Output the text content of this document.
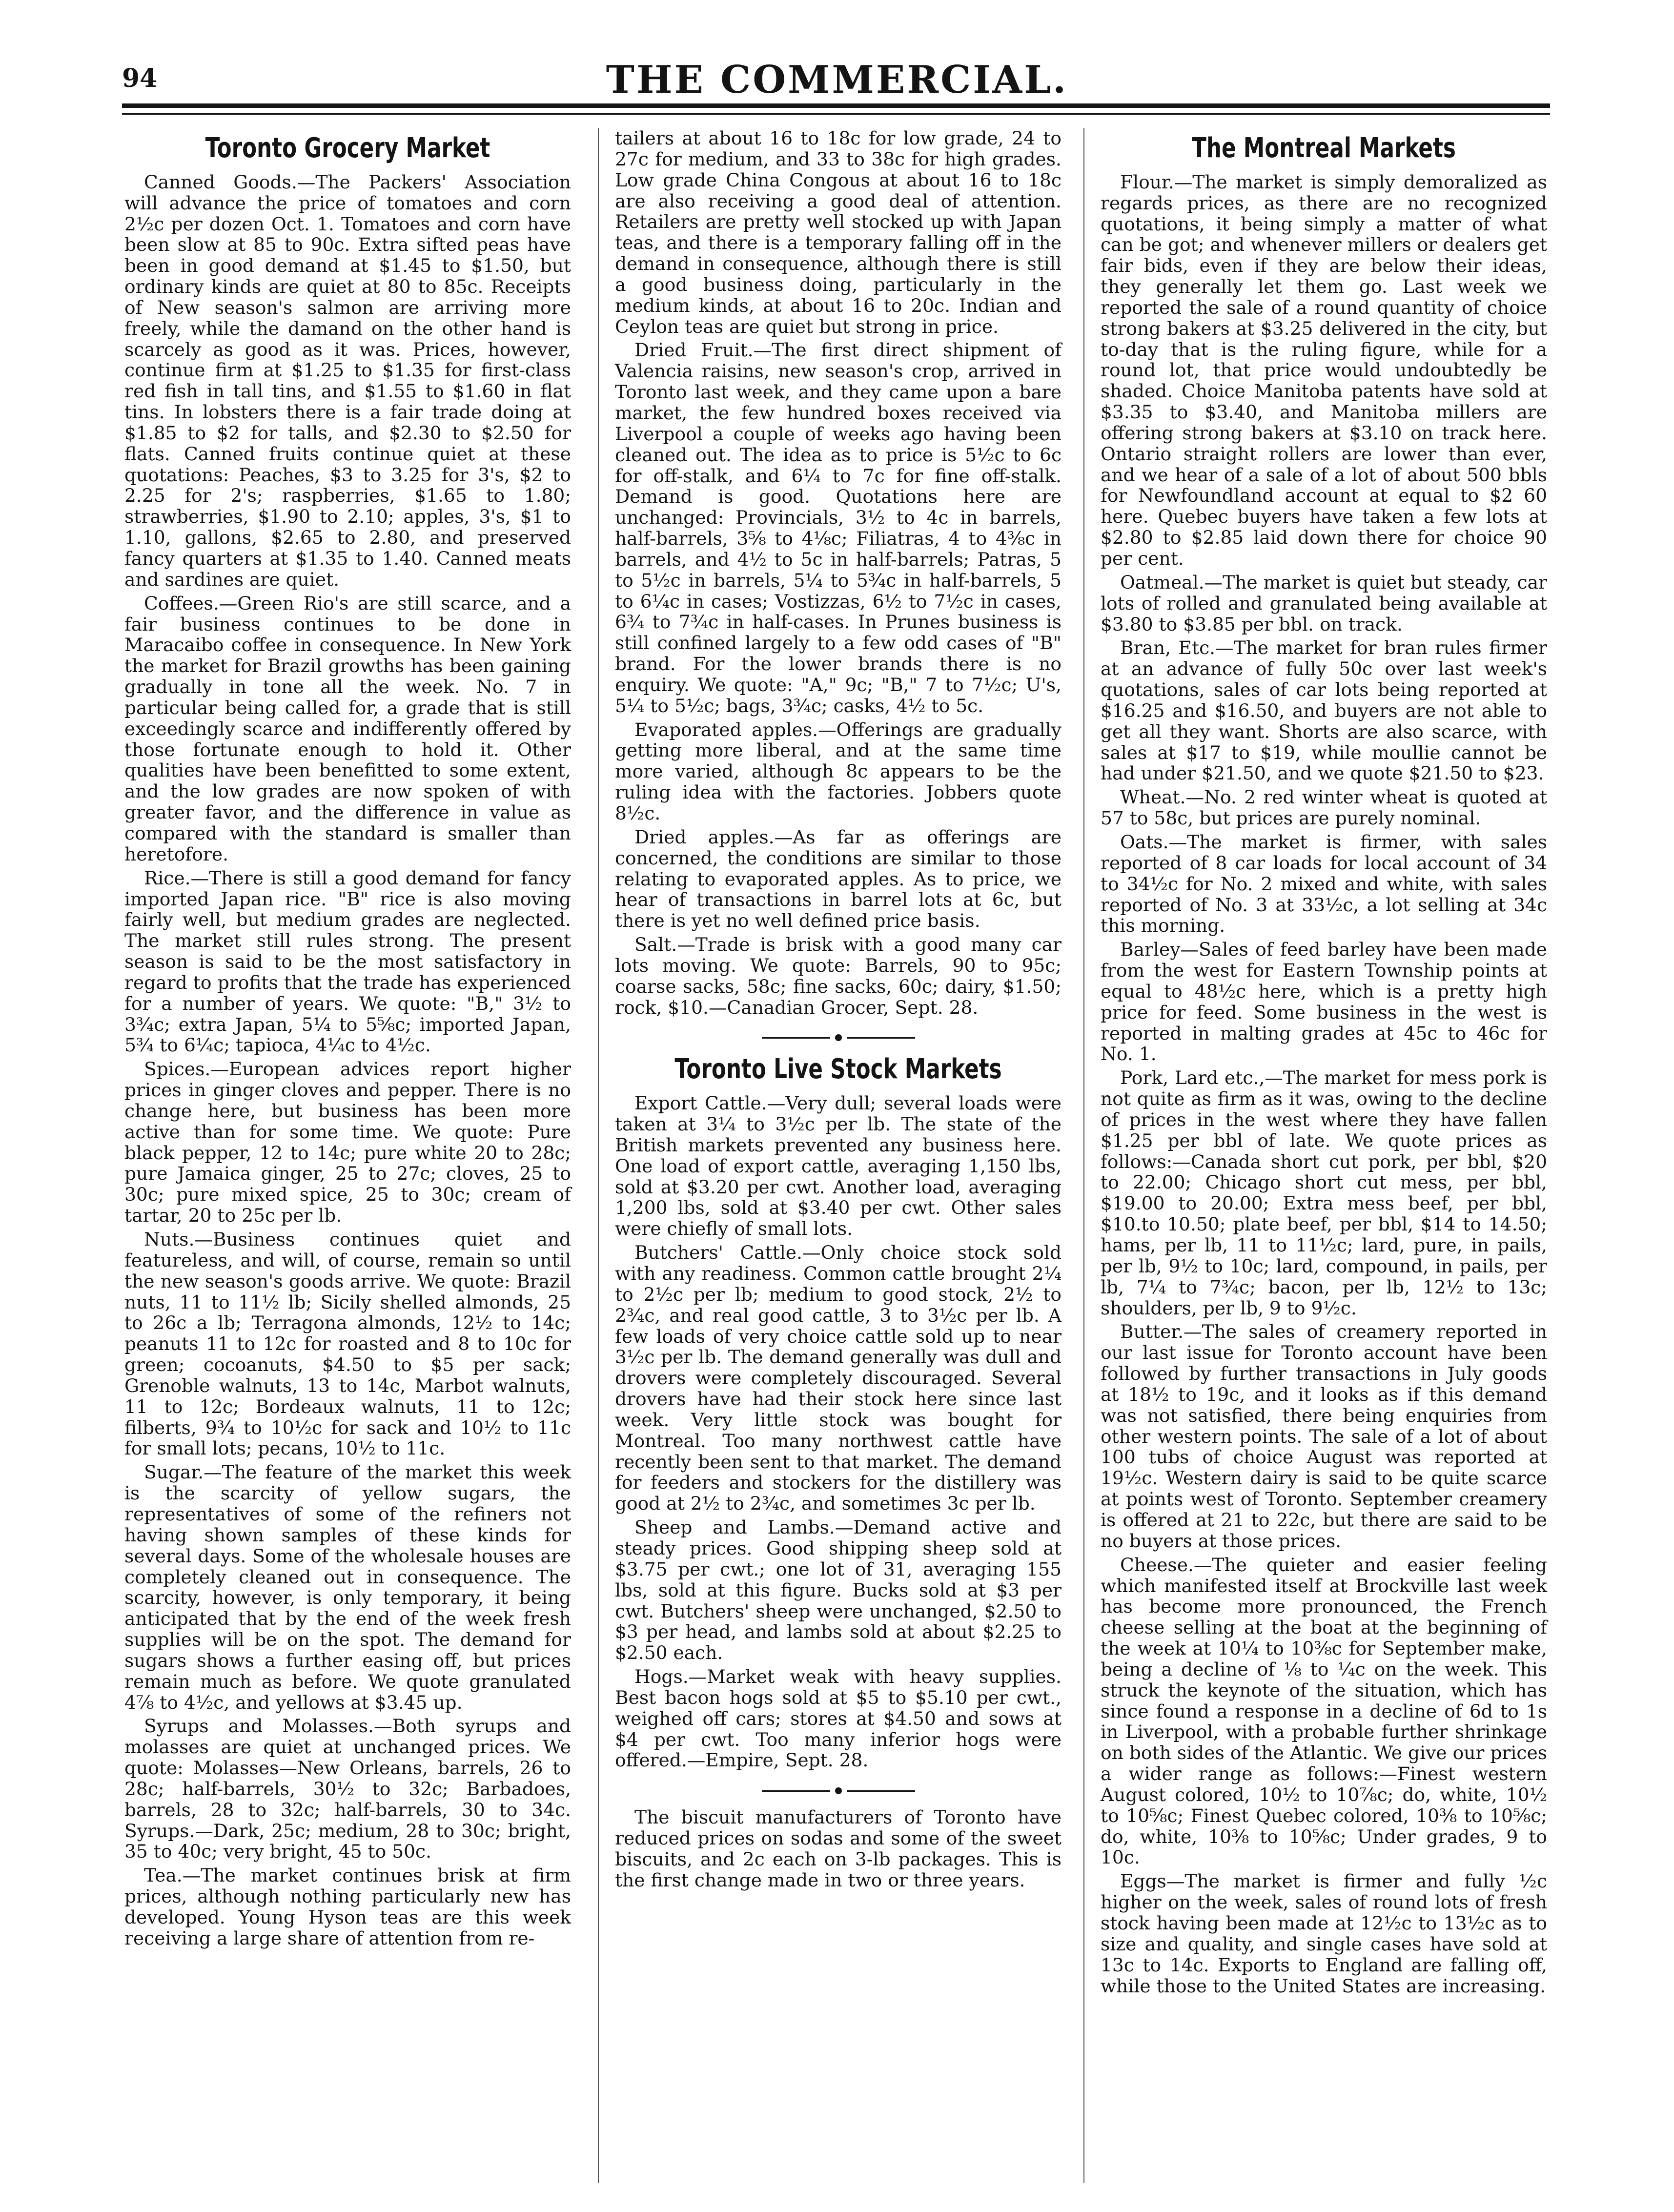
94	THE COMMERCIAL.
Toronto Grocery Market

Canned Goods.—The Packers' Association will advance the price of tomatoes and corn 2½c per dozen Oct. 1. Tomatoes and corn have been slow at 85 to 90c. Extra sifted peas have been in good demand at $1.45 to $1.50, but ordinary kinds are quiet at 80 to 85c. Receipts of New season's salmon are arriving more freely, while the damand on the other hand is scarcely as good as it was. Prices, however, continue firm at $1.25 to $1.35 for first-class red fish in tall tins, and $1.55 to $1.60 in flat tins. In lobsters there is a fair trade doing at $1.85 to $2 for talls, and $2.30 to $2.50 for flats. Canned fruits continue quiet at these quotations: Peaches, $3 to 3.25 for 3's, $2 to 2.25 for 2's; raspberries, $1.65 to 1.80; strawberries, $1.90 to 2.10; apples, 3's, $1 to 1.10, gallons, $2.65 to 2.80, and preserved fancy quarters at $1.35 to 1.40. Canned meats and sardines are quiet.

Coffees.—Green Rio's are still scarce, and a fair business continues to be done in Maracaibo coffee in consequence. In New York the market for Brazil growths has been gaining gradually in tone all the week. No. 7 in particular being called for, a grade that is still exceedingly scarce and indifferently offered by those fortunate enough to hold it. Other qualities have been benefitted to some extent, and the low grades are now spoken of with greater favor, and the difference in value as compared with the standard is smaller than heretofore.

Rice.—There is still a good demand for fancy imported Japan rice. "B" rice is also moving fairly well, but medium grades are neglected. The market still rules strong. The present season is said to be the most satisfactory in regard to profits that the trade has experienced for a number of years. We quote: "B," 3½ to 3¾c; extra Japan, 5¼ to 5⅝c; imported Japan, 5¾ to 6¼c; tapioca, 4¼c to 4½c.

Spices.—European advices report higher prices in ginger cloves and pepper. There is no change here, but business has been more active than for some time. We quote: Pure black pepper, 12 to 14c; pure white 20 to 28c; pure Jamaica ginger, 25 to 27c; cloves, 25 to 30c; pure mixed spice, 25 to 30c; cream of tartar, 20 to 25c per lb.

Nuts.—Business continues quiet and featureless, and will, of course, remain so until the new season's goods arrive. We quote: Brazil nuts, 11 to 11½ lb; Sicily shelled almonds, 25 to 26c a lb; Terragona almonds, 12½ to 14c; peanuts 11 to 12c for roasted and 8 to 10c for green; cocoanuts, $4.50 to $5 per sack; Grenoble walnuts, 13 to 14c, Marbot walnuts, 11 to 12c; Bordeaux walnuts, 11 to 12c; filberts, 9¾ to 10½c for sack and 10½ to 11c for small lots; pecans, 10½ to 11c.

Sugar.—The feature of the market this week is the scarcity of yellow sugars, the representatives of some of the refiners not having shown samples of these kinds for several days. Some of the wholesale houses are completely cleaned out in consequence. The scarcity, however, is only temporary, it being anticipated that by the end of the week fresh supplies will be on the spot. The demand for sugars shows a further easing off, but prices remain much as before. We quote granulated 4⅞ to 4½c, and yellows at $3.45 up.

Syrups and Molasses.—Both syrups and molasses are quiet at unchanged prices. We quote: Molasses—New Orleans, barrels, 26 to 28c; half-barrels, 30½ to 32c; Barbadoes, barrels, 28 to 32c; half-barrels, 30 to 34c. Syrups.—Dark, 25c; medium, 28 to 30c; bright, 35 to 40c; very bright, 45 to 50c.

Tea.—The market continues brisk at firm prices, although nothing particularly new has developed. Young Hyson teas are this week receiving a large share of attention from re-

tailers at about 16 to 18c for low grade, 24 to 27c for medium, and 33 to 38c for high grades. Low grade China Congous at about 16 to 18c are also receiving a good deal of attention. Retailers are pretty well stocked up with Japan teas, and there is a temporary falling off in the demand in consequence, although there is still a good business doing, particularly in the medium kinds, at about 16 to 20c. Indian and Ceylon teas are quiet but strong in price.

Dried Fruit.—The first direct shipment of Valencia raisins, new season's crop, arrived in Toronto last week, and they came upon a bare market, the few hundred boxes received via Liverpool a couple of weeks ago having been cleaned out. The idea as to price is 5½c to 6c for off-stalk, and 6¼ to 7c for fine off-stalk. Demand is good. Quotations here are unchanged: Provincials, 3½ to 4c in barrels, half-barrels, 3⅝ to 4⅛c; Filiatras, 4 to 4⅜c in barrels, and 4½ to 5c in half-barrels; Patras, 5 to 5½c in barrels, 5¼ to 5¾c in half-barrels, 5 to 6¼c in cases; Vostizzas, 6½ to 7½c in cases, 6¾ to 7¾c in half-cases. In Prunes business is still confined largely to a few odd cases of "B" brand. For the lower brands there is no enquiry. We quote: "A," 9c; "B," 7 to 7½c; U's, 5¼ to 5½c; bags, 3¾c; casks, 4½ to 5c.

Evaporated apples.—Offerings are gradually getting more liberal, and at the same time more varied, although 8c appears to be the ruling idea with the factories. Jobbers quote 8½c.

Dried apples.—As far as offerings are concerned, the conditions are similar to those relating to evaporated apples. As to price, we hear of transactions in barrel lots at 6c, but there is yet no well defined price basis.

Salt.—Trade is brisk with a good many car lots moving. We quote: Barrels, 90 to 95c; coarse sacks, 58c; fine sacks, 60c; dairy, $1.50; rock, $10.—Canadian Grocer, Sept. 28.

Toronto Live Stock Markets

Export Cattle.—Very dull; several loads were taken at 3¼ to 3½c per lb. The state of the British markets prevented any business here. One load of export cattle, averaging 1,150 lbs, sold at $3.20 per cwt. Another load, averaging 1,200 lbs, sold at $3.40 per cwt. Other sales were chiefly of small lots.

Butchers' Cattle.—Only choice stock sold with any readiness. Common cattle brought 2¼ to 2½c per lb; medium to good stock, 2½ to 2¾c, and real good cattle, 3 to 3½c per lb. A few loads of very choice cattle sold up to near 3½c per lb. The demand generally was dull and drovers were completely discouraged. Several drovers have had their stock here since last week. Very little stock was bought for Montreal. Too many northwest cattle have recently been sent to that market. The demand for feeders and stockers for the distillery was good at 2½ to 2¾c, and sometimes 3c per lb.

Sheep and Lambs.—Demand active and steady prices. Good shipping sheep sold at $3.75 per cwt.; one lot of 31, averaging 155 lbs, sold at this figure. Bucks sold at $3 per cwt. Butchers' sheep were unchanged, $2.50 to $3 per head, and lambs sold at about $2.25 to $2.50 each.

Hogs.—Market weak with heavy supplies. Best bacon hogs sold at $5 to $5.10 per cwt., weighed off cars; stores at $4.50 and sows at $4 per cwt. Too many inferior hogs were offered.—Empire, Sept. 28.

The biscuit manufacturers of Toronto have reduced prices on sodas and some of the sweet biscuits, and 2c each on 3-lb packages. This is the first change made in two or three years.

The Montreal Markets

Flour.—The market is simply demoralized as regards prices, as there are no recognized quotations, it being simply a matter of what can be got; and whenever millers or dealers get fair bids, even if they are below their ideas, they generally let them go. Last week we reported the sale of a round quantity of choice strong bakers at $3.25 delivered in the city, but to-day that is the ruling figure, while for a round lot, that price would undoubtedly be shaded. Choice Manitoba patents have sold at $3.35 to $3.40, and Manitoba millers are offering strong bakers at $3.10 on track here. Ontario straight rollers are lower than ever, and we hear of a sale of a lot of about 500 bbls for Newfoundland account at equal to $2 60 here. Quebec buyers have taken a few lots at $2.80 to $2.85 laid down there for choice 90 per cent.

Oatmeal.—The market is quiet but steady, car lots of rolled and granulated being available at $3.80 to $3.85 per bbl. on track.

Bran, Etc.—The market for bran rules firmer at an advance of fully 50c over last week's quotations, sales of car lots being reported at $16.25 and $16.50, and buyers are not able to get all they want. Shorts are also scarce, with sales at $17 to $19, while moullie cannot be had under $21.50, and we quote $21.50 to $23.

Wheat.—No. 2 red winter wheat is quoted at 57 to 58c, but prices are purely nominal.

Oats.—The market is firmer, with sales reported of 8 car loads for local account of 34 to 34½c for No. 2 mixed and white, with sales reported of No. 3 at 33½c, a lot selling at 34c this morning.

Barley—Sales of feed barley have been made from the west for Eastern Township points at equal to 48½c here, which is a pretty high price for feed. Some business in the west is reported in malting grades at 45c to 46c for No. 1.

Pork, Lard etc.,—The market for mess pork is not quite as firm as it was, owing to the decline of prices in the west where they have fallen $1.25 per bbl of late. We quote prices as follows:—Canada short cut pork, per bbl, $20 to 22.00; Chicago short cut mess, per bbl, $19.00 to 20.00; Extra mess beef, per bbl, $10.to 10.50; plate beef, per bbl, $14 to 14.50; hams, per lb, 11 to 11½c; lard, pure, in pails, per lb, 9½ to 10c; lard, compound, in pails, per lb, 7¼ to 7¾c; bacon, per lb, 12½ to 13c; shoulders, per lb, 9 to 9½c.

Butter.—The sales of creamery reported in our last issue for Toronto account have been followed by further transactions in July goods at 18½ to 19c, and it looks as if this demand was not satisfied, there being enquiries from other western points. The sale of a lot of about 100 tubs of choice August was reported at 19½c. Western dairy is said to be quite scarce at points west of Toronto. September creamery is offered at 21 to 22c, but there are said to be no buyers at those prices.

Cheese.—The quieter and easier feeling which manifested itself at Brockville last week has become more pronounced, the French cheese selling at the boat at the beginning of the week at 10¼ to 10⅜c for September make, being a decline of ⅛ to ¼c on the week. This struck the keynote of the situation, which has since found a response in a decline of 6d to 1s in Liverpool, with a probable further shrinkage on both sides of the Atlantic. We give our prices a wider range as follows:—Finest western August colored, 10½ to 10⅞c; do, white, 10½ to 10⅝c; Finest Quebec colored, 10⅜ to 10⅝c; do, white, 10⅜ to 10⅝c; Under grades, 9 to 10c.

Eggs—The market is firmer and fully ½c higher on the week, sales of round lots of fresh stock having been made at 12½c to 13½c as to size and quality, and single cases have sold at 13c to 14c. Exports to England are falling off, while those to the United States are increasing.
